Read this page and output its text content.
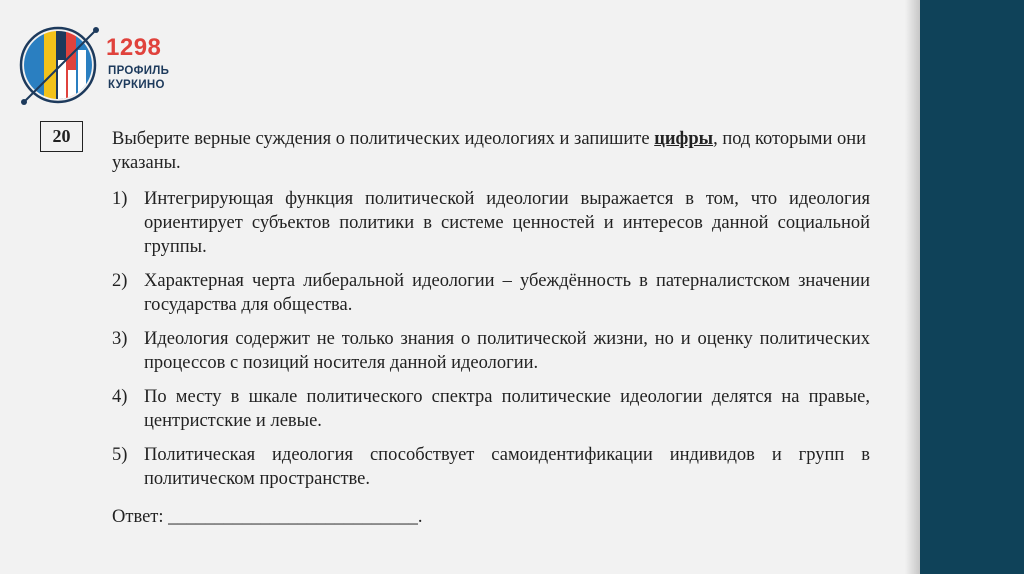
1298
ПРОФИЛЬ
КУРКИНО
20	Выберите верные суждения о политических идеологиях и запишите цифры, под которыми они указаны.

1) Интегрирующая функция политической идеологии выражается в том, что идеология ориентирует субъектов политики в системе ценностей и интересов данной социальной группы.
2) Характерная черта либеральной идеологии – убеждённость в патерналистском значении государства для общества.
3) Идеология содержит не только знания о политической жизни, но и оценку политических процессов с позиций носителя данной идеологии.
4) По месту в шкале политического спектра политические идеологии делятся на правые, центристские и левые.
5) Политическая идеология способствует самоидентификации индивидов и групп в политическом пространстве.
Ответ: ___________________________.
